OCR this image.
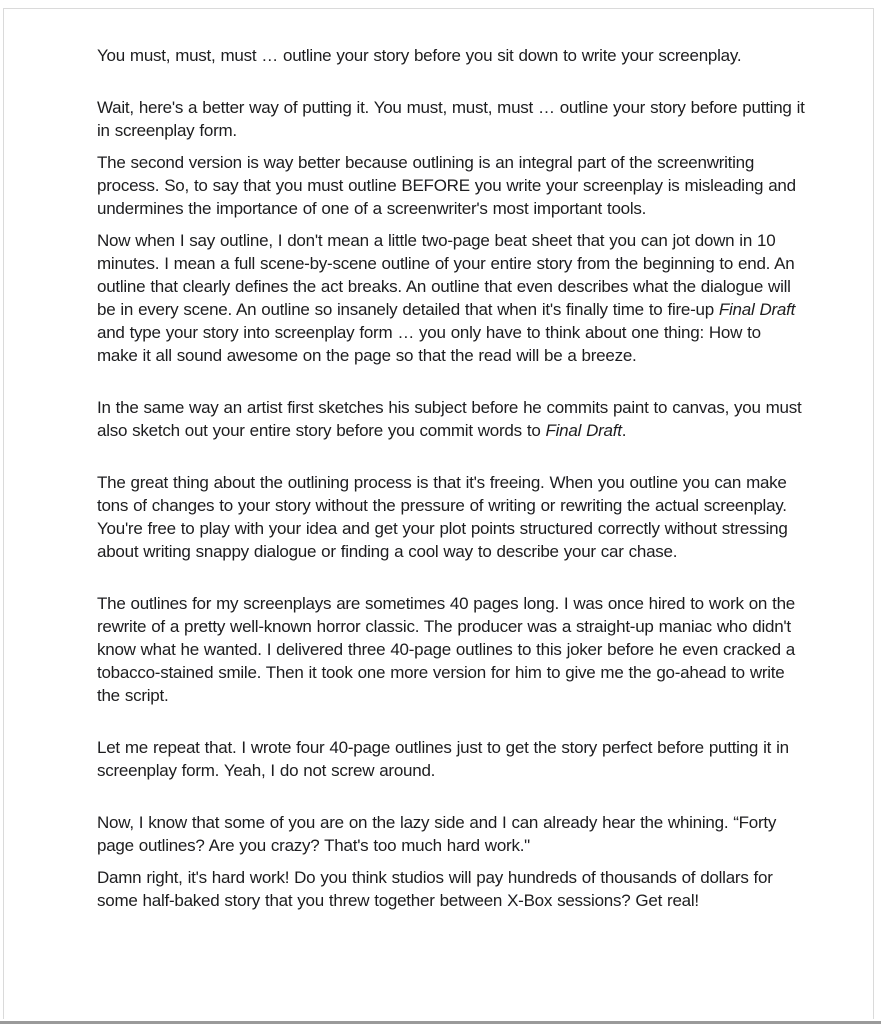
You must, must, must … outline your story before you sit down to write your screenplay.

Wait, here's a better way of putting it. You must, must, must … outline your story before putting it in screenplay form.

The second version is way better because outlining is an integral part of the screenwriting process. So, to say that you must outline BEFORE you write your screenplay is misleading and undermines the importance of one of a screenwriter's most important tools.

Now when I say outline, I don't mean a little two-page beat sheet that you can jot down in 10 minutes. I mean a full scene-by-scene outline of your entire story from the beginning to end. An outline that clearly defines the act breaks. An outline that even describes what the dialogue will be in every scene. An outline so insanely detailed that when it's finally time to fire-up Final Draft and type your story into screenplay form … you only have to think about one thing: How to make it all sound awesome on the page so that the read will be a breeze.

In the same way an artist first sketches his subject before he commits paint to canvas, you must also sketch out your entire story before you commit words to Final Draft.

The great thing about the outlining process is that it's freeing. When you outline you can make tons of changes to your story without the pressure of writing or rewriting the actual screenplay. You're free to play with your idea and get your plot points structured correctly without stressing about writing snappy dialogue or finding a cool way to describe your car chase.

The outlines for my screenplays are sometimes 40 pages long. I was once hired to work on the rewrite of a pretty well-known horror classic. The producer was a straight-up maniac who didn't know what he wanted. I delivered three 40-page outlines to this joker before he even cracked a tobacco-stained smile. Then it took one more version for him to give me the go-ahead to write the script.

Let me repeat that. I wrote four 40-page outlines just to get the story perfect before putting it in screenplay form. Yeah, I do not screw around.

Now, I know that some of you are on the lazy side and I can already hear the whining. “Forty page outlines? Are you crazy? That's too much hard work."

Damn right, it's hard work! Do you think studios will pay hundreds of thousands of dollars for some half-baked story that you threw together between X-Box sessions? Get real!
